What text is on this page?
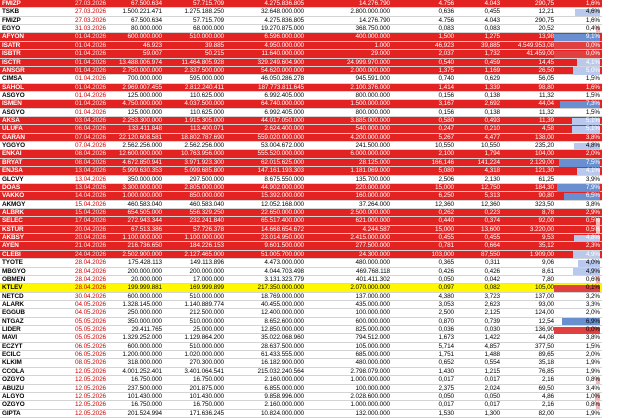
FMIZP	27.03.2026	67.500.634	57.715.709	4.275.836.805	14.276.790	4.756	4.043	290,75	1,6%
TSKB	27.03.2026	1.500.221.471	1.275.188.250	32.648.000.000	2.800.000.000	0,636	0,455	12,21	4,6%
FMIZP	27.03.2026	67.500.634	57.715.709	4.275.836.805	14.276.790	4.756	4.043	290,75	1,6%
EGYO	31.03.2026	80.000.000	68.000.000	19.270.875.000	368.750.000	0,083	0,083	20,52	0,4%
AFYON	01.04.2026	600.000.000	510.000.000	6.596.000.000	400.000.000	1,500	1,275	13,98	9,1%
ISATR	01.04.2026	46.923	39.885	4.950.000.000	1.000	46,923	39,885	4.549.953,08	0,0%
ISBTR	01.04.2026	59.007	50.215	11.640.000.000	29.000	2,037	1,732	41.459,00	0,0%
ISCTR	01.04.2026	13.488.006.974	11.464.805.928	329.249.604.900	24.999.970.000	0,540	0,459	14,45	4,1%
ANSGR	01.04.2026	2.750.000.000	2.337.500.000	54.620.000.000	2.000.000.000	1,375	1,169	26,50	5,0%
CIMSA	01.04.2026	700.000.000	595.000.000	46.050.286.278	945.591.000	0,740	0,629	56,05	1,5%
SAHOL	01.04.2026	2.969.007.455	2.812.240.411	187.773.811.645	2.100.376.000	1,414	1,339	98,80	1,6%
ASGYO	01.04.2026	125.000.000	110.625.000	6.992.405.000	800.000.000	0,156	0,138	11,32	1,5%
ISMEN	01.04.2026	4.750.000.000	4.037.500.000	64.740.000.000	1.500.000.000	3,167	2,692	44,04	7,3%
ASGYO	01.04.2026	125.000.000	110.625.000	6.992.405.000	800.000.000	0,156	0,138	11,32	1,5%
AKSA	03.04.2026	2.253.300.000	1.915.305.000	44.017.050.000	3.885.000.000	0,580	0,493	11,39	5,1%
ULUFA	06.04.2026	133.411.848	113.400.071	2.624.400.000	540.000.000	0,247	0,210	4,58	5,1%
GARAN	07.04.2026	22.120.608.581	18.802.787.690	559.020.000.000	4.200.000.000	5,267	4,477	138,00	3,8%
YGGYO	07.04.2026	2.562.256.000	2.562.256.000	53.004.672.000	241.500.000	10,550	10,550	235,20	4,8%
ENKAI	08.04.2026	12.600.000.000	10.763.956.000	555.520.000.000	6.000.000.000	2,100	1,794	104,00	2,0%
BRYAT	08.04.2026	4.672.850.941	3.971.923.300	62.015.625.000	28.125.000	166,146	141,224	2.129,00	7,5%
ENJSA	13.04.2026	5.999.630.353	5.099.685.800	147.161.193.303	1.181.069.000	5,080	4,318	121,30	4,1%
GLCVY	13.04.2026	350.000.000	297.500.000	8.675.550.000	135.700.000	2,506	2,130	61,25	3,9%
DOAS	13.04.2026	3.300.000.000	2.805.000.000	44.902.000.000	220.000.000	15,000	12,750	184,30	7,9%
VAKKO	14.04.2026	1.000.000.000	850.000.000	15.392.000.000	160.000.000	6,250	5,313	90,80	6,5%
AKMGY	15.04.2026	460.583.040	460.583.040	12.052.168.000	37.264.000	12,360	12,360	323,50	3,8%
ALBRK	15.04.2026	654.505.000	556.329.250	22.650.000.000	2.500.000.000	0,262	0,223	8,78	2,9%
SELEC	17.04.2026	272.943.344	232.241.840	65.517.400.000	621.000.000	0,440	0,374	92,00	0,5%
KSTUR	20.04.2026	67.513.386	57.726.378	14.668.654.672	4.244.587	15,000	13,600	3.220,00	0,5%
AKBSY	20.04.2026	1.100.000.000	1.100.000.000	23.014.950.000	2.415.000.000	0,455	0,455	9,53	4,8%
AYEN	21.04.2026	216.736.650	184.226.153	9.601.500.000	277.500.000	0,781	0,664	35,12	2,3%
CLEBI	24.04.2026	2.502.900.000	2.127.465.000	51.005.700.000	24.300.000	103,000	87,550	1.909,00	4,9%
TYOTE	28.04.2026	175.428.113	149.113.896	4.473.000.000	480.000.000	0,365	0,311	9,06	4,0%
MBGYO	28.04.2026	200.000.000	200.000.000	4.044.703.498	469.768.118	0,426	0,426	8,61	4,9%
OBMEN	28.04.2026	20.000.000	17.000.000	3.131.323.779	401.411.302	0,050	0,042	7,80	0,6%
KTLEV	28.04.2026	199.999.881	169.999.899	217.350.000.000	2.070.000.000	0,097	0,082	105,00	0,1%
NETCD	30.04.2026	600.000.000	510.000.000	18.769.000.000	137.000.000	4,380	3,723	137,00	3,2%
ALARK	04.05.2026	1.328.145.000	1.140.889.774	40.455.000.000	435.000.000	3,053	2,623	93,00	3,3%
EGGUB	04.05.2026	250.000.000	212.500.000	12.400.000.000	100.000.000	2,500	2,125	124,00	2,0%
NTGAZ	05.05.2026	350.000.000	510.000.000	8.652.600.000	600.000.000	0,870	0,739	12,54	6,9%
LIDER	05.05.2026	29.411.765	25.000.000	12.850.000.000	825.000.000	0,036	0,030	136,90	0,0%
MAVI	05.05.2026	1.329.252.000	1.129.864.200	35.022.068.960	794.512.000	1,673	1,422	44,08	3,8%
ECZYT	06.05.2026	600.000.000	510.000.000	28.637.500.000	105.000.000	5,714	4,857	377,50	1,5%
ECILC	06.05.2026	1.200.000.000	1.020.000.000	61.433.555.000	685.000.000	1,751	1,488	89,65	2,0%
KLKIM	08.05.2026	318.000.000	270.300.000	16.182.900.000	480.000.000	0,652	0,554	35,18	1,9%
CCOLA	12.05.2026	4.001.252.401	3.401.064.541	215.032.240.564	2.798.079.000	1,430	1,215	76,85	1,9%
OZGYO	12.05.2026	16.750.000	16.750.000	2.160.000.000	1.000.000.000	0,017	0,017	2,16	0,8%
ABUZU	12.05.2026	237.500.000	201.875.000	6.855.000.000	100.000.000	2,375	2,024	69,50	3,4%
ALGYO	12.05.2026	101.430.000	101.430.000	9.858.996.000	2.028.600.000	0,050	0,050	4,86	1,0%
OZGYO	12.05.2026	16.750.000	16.750.000	2.160.000.000	1.000.000.000	0,017	0,017	2,16	0,8%
GIPTA	12.05.2026	201.524.994	171.636.245	10.824.000.000	132.000.000	1,530	1,300	82,00	1,9%
